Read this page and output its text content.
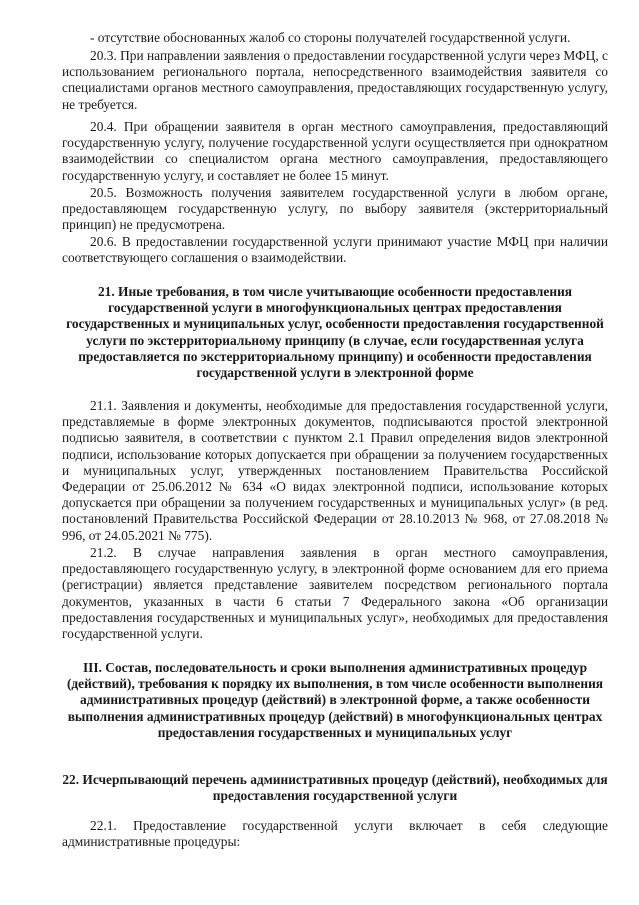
- отсутствие обоснованных жалоб со стороны получателей государственной услуги.

20.3. При направлении заявления о предоставлении государственной услуги через МФЦ, с использованием регионального портала, непосредственного взаимодействия заявителя со специалистами органов местного самоуправления, предоставляющих государственную услугу, не требуется.

20.4. При обращении заявителя в орган местного самоуправления, предоставляющий государственную услугу, получение государственной услуги осуществляется при однократном взаимодействии со специалистом органа местного самоуправления, предоставляющего государственную услугу, и составляет не более 15 минут.

20.5. Возможность получения заявителем государственной услуги в любом органе, предоставляющем государственную услугу, по выбору заявителя (экстерриториальный принцип) не предусмотрена.

20.6. В предоставлении государственной услуги принимают участие МФЦ при наличии соответствующего соглашения о взаимодействии.

21. Иные требования, в том числе учитывающие особенности предоставления государственной услуги в многофункциональных центрах предоставления государственных и муниципальных услуг, особенности предоставления государственной услуги по экстерриториальному принципу (в случае, если государственная услуга предоставляется по экстерриториальному принципу) и особенности предоставления государственной услуги в электронной форме

21.1. Заявления и документы, необходимые для предоставления государственной услуги, представляемые в форме электронных документов, подписываются простой электронной подписью заявителя, в соответствии с пунктом 2.1 Правил определения видов электронной подписи, использование которых допускается при обращении за получением государственных и муниципальных услуг, утвержденных постановлением Правительства Российской Федерации от 25.06.2012 № 634 «О видах электронной подписи, использование которых допускается при обращении за получением государственных и муниципальных услуг» (в ред. постановлений Правительства Российской Федерации от 28.10.2013 № 968, от 27.08.2018 № 996, от 24.05.2021 № 775).

21.2. В случае направления заявления в орган местного самоуправления, предоставляющего государственную услугу, в электронной форме основанием для его приема (регистрации) является представление заявителем посредством регионального портала документов, указанных в части 6 статьи 7 Федерального закона «Об организации предоставления государственных и муниципальных услуг», необходимых для предоставления государственной услуги.

III. Состав, последовательность и сроки выполнения административных процедур (действий), требования к порядку их выполнения, в том числе особенности выполнения административных процедур (действий) в электронной форме, а также особенности выполнения административных процедур (действий) в многофункциональных центрах предоставления государственных и муниципальных услуг

22. Исчерпывающий перечень административных процедур (действий), необходимых для предоставления государственной услуги

22.1. Предоставление государственной услуги включает в себя следующие административные процедуры:
